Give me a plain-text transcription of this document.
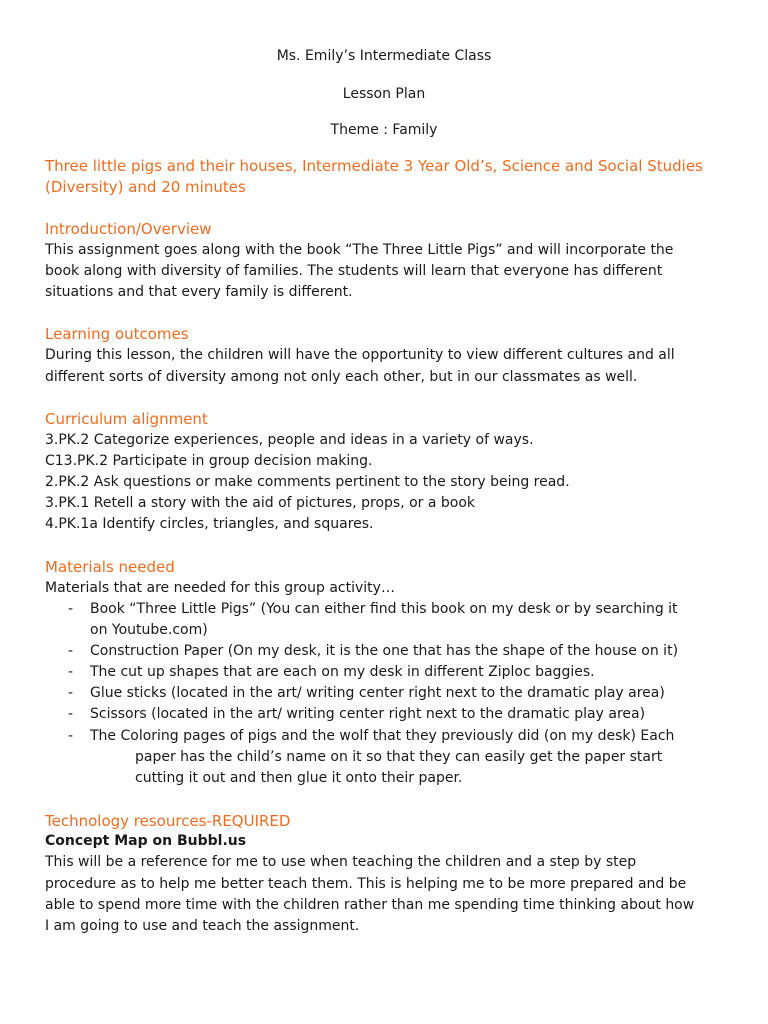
Ms. Emily’s Intermediate Class
Lesson Plan
Theme : Family
Three little pigs and their houses, Intermediate 3 Year Old’s, Science and Social Studies
(Diversity) and 20 minutes
Introduction/Overview
This assignment goes along with the book “The Three Little Pigs” and will incorporate the
book along with diversity of families. The students will learn that everyone has different
situations and that every family is different.
Learning outcomes
During this lesson, the children will have the opportunity to view different cultures and all
different sorts of diversity among not only each other, but in our classmates as well.
Curriculum alignment
3.PK.2 Categorize experiences, people and ideas in a variety of ways.
C13.PK.2 Participate in group decision making.
2.PK.2 Ask questions or make comments pertinent to the story being read.
3.PK.1 Retell a story with the aid of pictures, props, or a book
4.PK.1a Identify circles, triangles, and squares.
Materials needed
Materials that are needed for this group activity…
- Book “Three Little Pigs” (You can either find this book on my desk or by searching it
on Youtube.com)
- Construction Paper (On my desk, it is the one that has the shape of the house on it)
- The cut up shapes that are each on my desk in different Ziploc baggies.
- Glue sticks (located in the art/ writing center right next to the dramatic play area)
- Scissors (located in the art/ writing center right next to the dramatic play area)
- The Coloring pages of pigs and the wolf that they previously did (on my desk) Each
paper has the child’s name on it so that they can easily get the paper start
cutting it out and then glue it onto their paper.
Technology resources-REQUIRED
Concept Map on Bubbl.us
This will be a reference for me to use when teaching the children and a step by step
procedure as to help me better teach them. This is helping me to be more prepared and be
able to spend more time with the children rather than me spending time thinking about how
I am going to use and teach the assignment.
